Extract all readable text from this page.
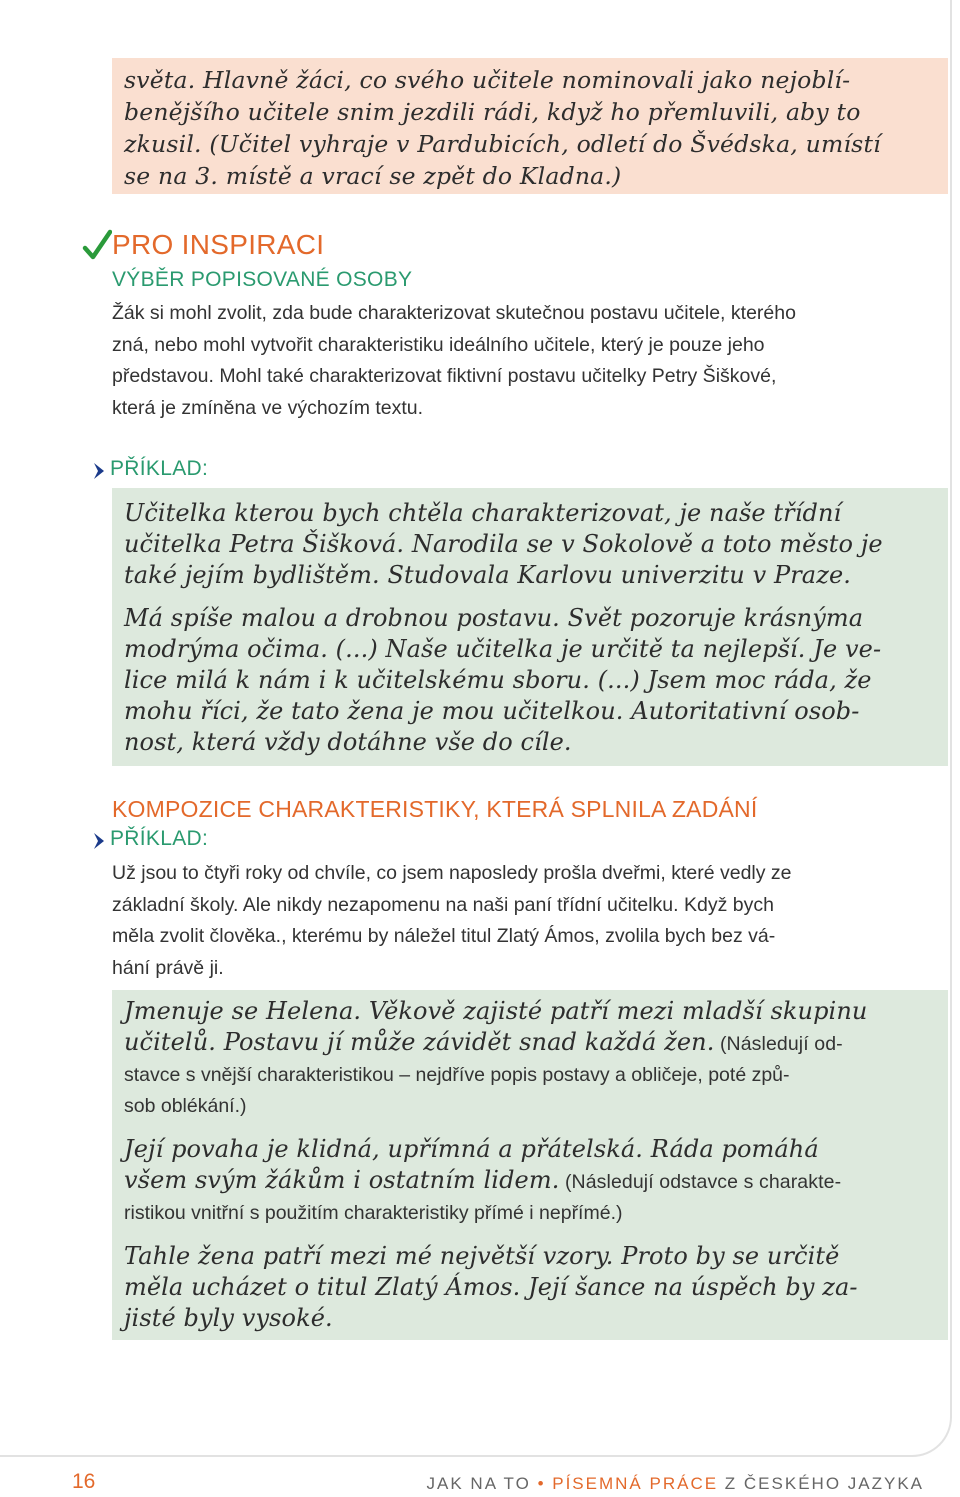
světa. Hlavně žáci, co svého učitele nominovali jako nejoblí-

benějšího učitele snim jezdili rádi, když ho přemluvili, aby to

zkusil. (Učitel vyhraje v Pardubicích, odletí do Švédska, umístí

se na 3. místě a vrací se zpět do Kladna.)

PRO INSPIRACI
VÝBĚR POPISOVANÉ OSOBY
Žák si mohl zvolit, zda bude charakterizovat skutečnou postavu učitele, kterého
zná, nebo mohl vytvořit charakteristiku ideálního učitele, který je pouze jeho
představou. Mohl také charakterizovat fiktivní postavu učitelky Petry Šiškové,
která je zmíněna ve výchozím textu.
PŘÍKLAD:

Učitelka kterou bych chtěla charakterizovat, je naše třídní

učitelka Petra Šišková. Narodila se v Sokolově a toto město je

také jejím bydlištěm. Studovala Karlovu univerzitu v Praze.

Má spíše malou a drobnou postavu. Svět pozoruje krásnýma

modrýma očima. (...) Naše učitelka je určitě ta nejlepší. Je ve-

lice milá k nám i k učitelskému sboru. (...) Jsem moc ráda, že

mohu říci, že tato žena je mou učitelkou. Autoritativní osob-

nost, která vždy dotáhne vše do cíle.

KOMPOZICE CHARAKTERISTIKY, KTERÁ SPLNILA ZADÁNÍ
PŘÍKLAD:
Už jsou to čtyři roky od chvíle, co jsem naposledy prošla dveřmi, které vedly ze
základní školy. Ale nikdy nezapomenu na naši paní třídní učitelku. Když bych
měla zvolit člověka., kterému by náležel titul Zlatý Ámos, zvolila bych bez vá-
hání právě ji.

Jmenuje se Helena. Věkově zajisté patří mezi mladší skupinu

učitelů. Postavu jí může závidět snad každá žen. (Následují od-

stavce s vnější charakteristikou – nejdříve popis postavy a obličeje, poté způ-

sob oblékání.)

Její povaha je klidná, upřímná a přátelská. Ráda pomáhá

všem svým žákům i ostatním lidem. (Následují odstavce s charakte-

ristikou vnitřní s použitím charakteristiky přímé i nepřímé.)

Tahle žena patří mezi mé největší vzory. Proto by se určitě

měla ucházet o titul Zlatý Ámos. Její šance na úspěch by za-

jisté byly vysoké.

16	JAK NA TO • PÍSEMNÁ PRÁCE Z ČESKÉHO JAZYKA
